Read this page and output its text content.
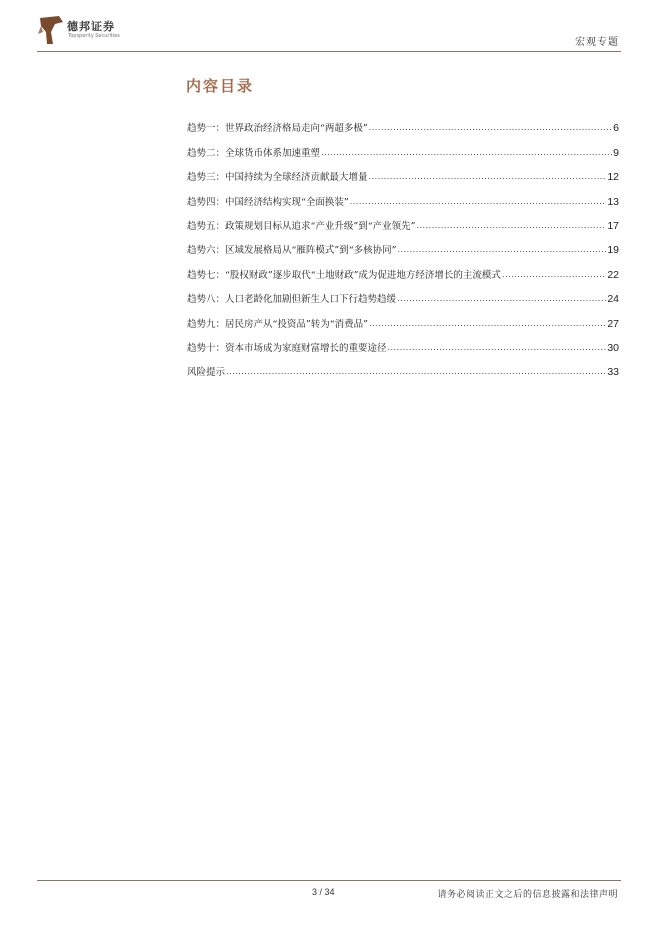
德邦证券
Topsperity Securities
宏观专题
内容目录
趋势一：世界政治经济格局走向“两超多极” .....	6
趋势二：全球货币体系加速重塑 .....	9
趋势三：中国持续为全球经济贡献最大增量 .....	12
趋势四：中国经济结构实现“全面换装” .....	13
趋势五：政策规划目标从追求“产业升级”到“产业领先” .....	17
趋势六：区域发展格局从“雁阵模式”到“多核协同” .....	19
趋势七：“股权财政”逐步取代“土地财政”成为促进地方经济增长的主流模式 .....	22
趋势八：人口老龄化加剧但新生人口下行趋势趋缓 .....	24
趋势九：居民房产从“投资品”转为“消费品” .....	27
趋势十：资本市场成为家庭财富增长的重要途径 .....	30
风险提示 .....	33
3 / 34	请务必阅读正文之后的信息披露和法律声明
